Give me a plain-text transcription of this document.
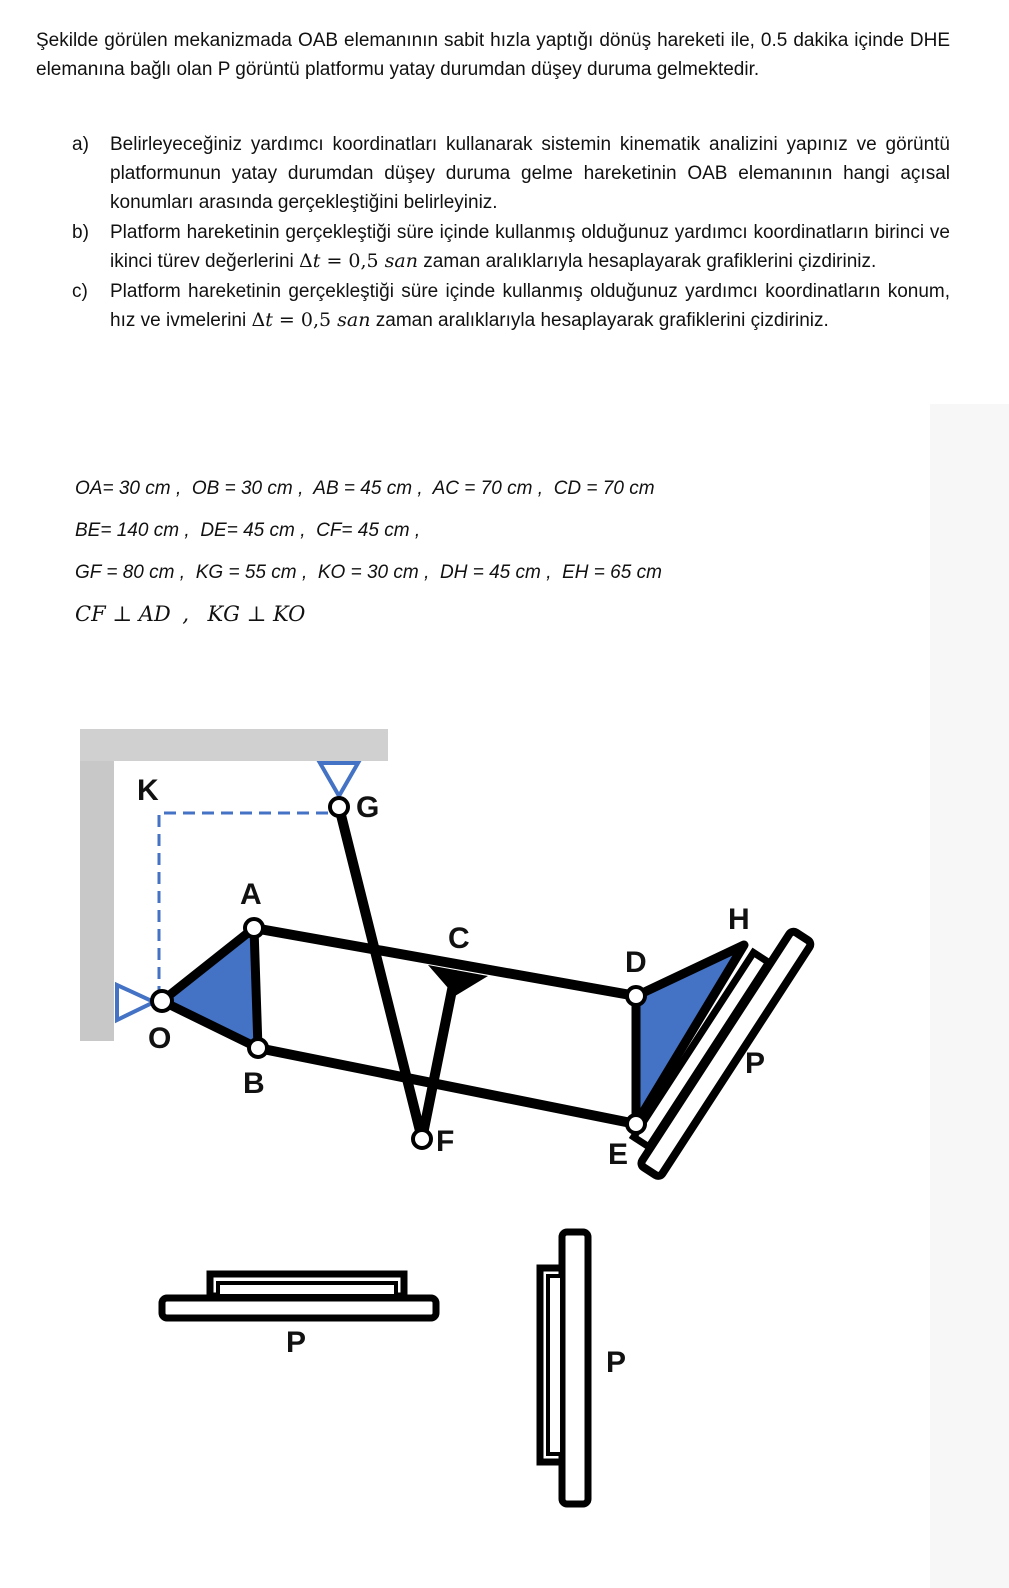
Şekilde görülen mekanizmada OAB elemanının sabit hızla yaptığı dönüş hareketi ile, 0.5 dakika içinde DHE elemanına bağlı olan P görüntü platformu yatay durumdan düşey duruma gelmektedir.

a) Belirleyeceğiniz yardımcı koordinatları kullanarak sistemin kinematik analizini yapınız ve görüntü platformunun yatay durumdan düşey duruma gelme hareketinin OAB elemanının hangi açısal konumları arasında gerçekleştiğini belirleyiniz.
b) Platform hareketinin gerçekleştiği süre içinde kullanmış olduğunuz yardımcı koordinatların birinci ve ikinci türev değerlerini Δt = 0,5 san zaman aralıklarıyla hesaplayarak grafiklerini çizdiriniz.
c) Platform hareketinin gerçekleştiği süre içinde kullanmış olduğunuz yardımcı koordinatların konum, hız ve ivmelerini Δt = 0,5 san zaman aralıklarıyla hesaplayarak grafiklerini çizdiriniz.
OA= 30 cm , OB = 30 cm , AB = 45 cm , AC = 70 cm , CD = 70 cm
BE= 140 cm , DE= 45 cm , CF= 45 cm ,
GF = 80 cm , KG = 55 cm , KO = 30 cm , DH = 45 cm , EH = 65 cm
CF ⊥ AD , KG ⊥ KO
K
G
A
C
H
D
O
B
P
F	E
P
P
